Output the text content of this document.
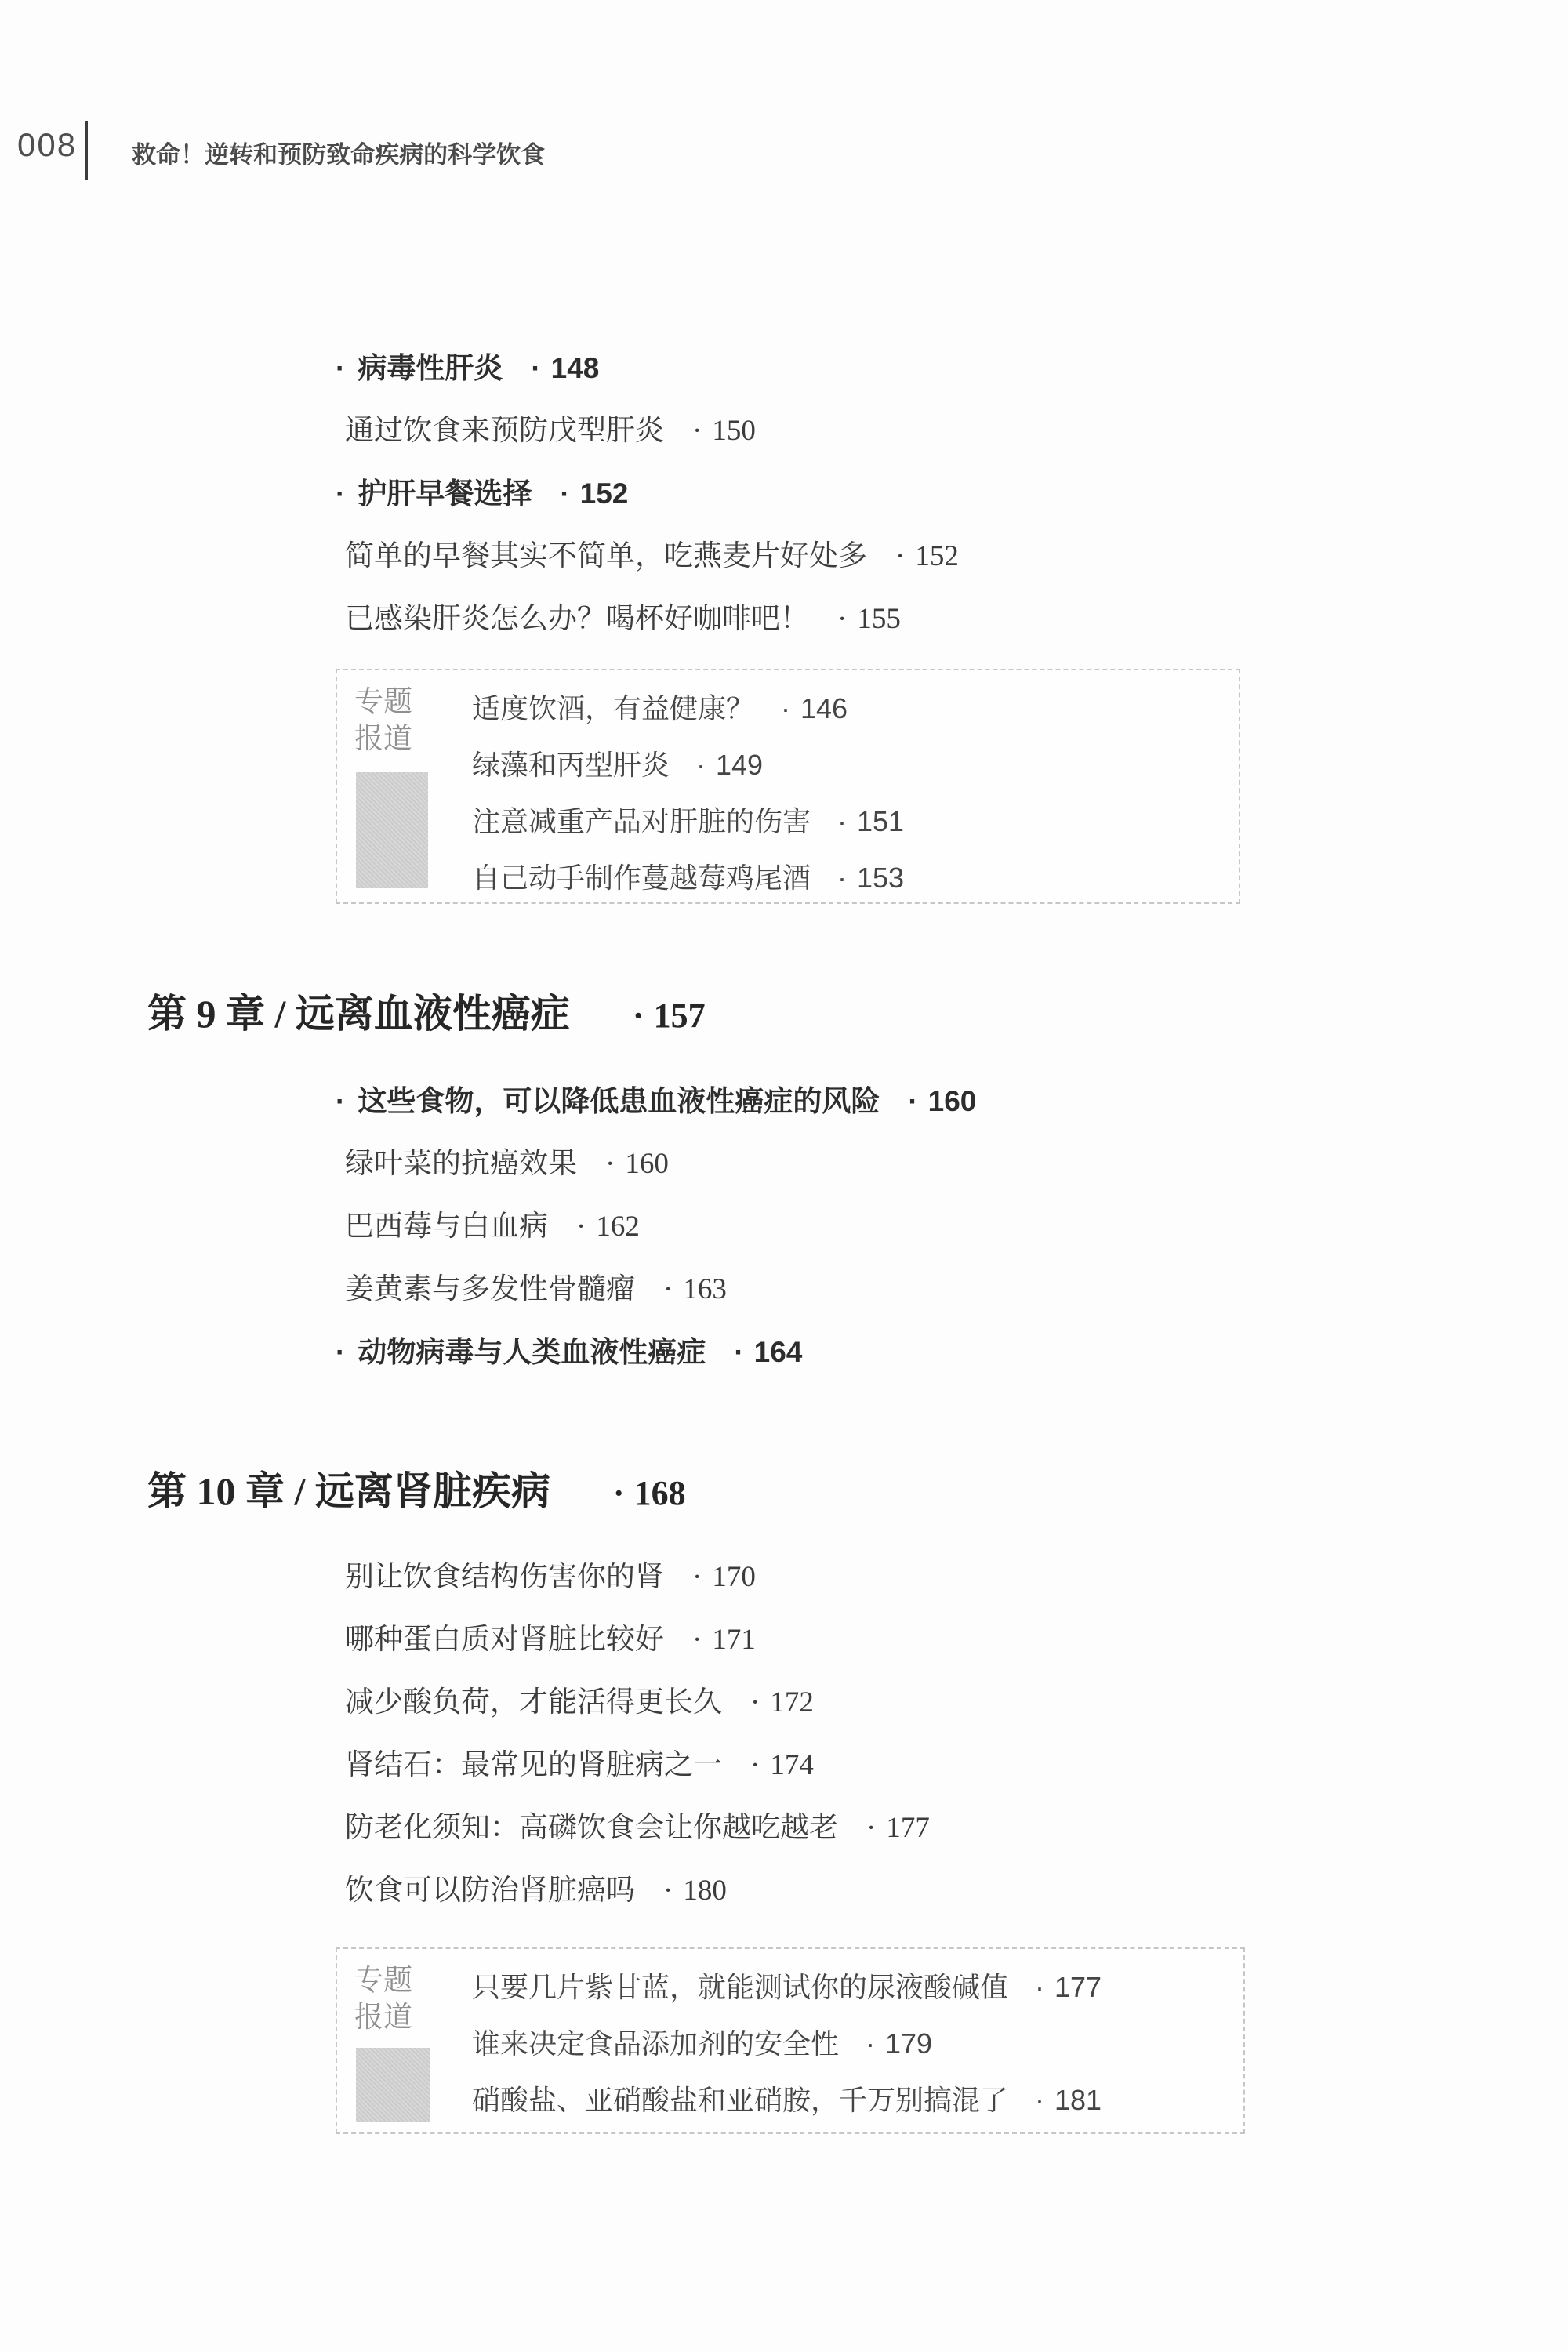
008 救命！逆转和预防致命疾病的科学饮食
· 病毒性肝炎 · 148
通过饮食来预防戊型肝炎 · 150
· 护肝早餐选择 · 152
简单的早餐其实不简单，吃燕麦片好处多 · 152
已感染肝炎怎么办？喝杯好咖啡吧！ · 155
专题
报道
适度饮酒，有益健康？ · 146
绿藻和丙型肝炎 · 149
注意减重产品对肝脏的伤害 · 151
自己动手制作蔓越莓鸡尾酒 · 153
第 9 章 / 远离血液性癌症 · 157
· 这些食物，可以降低患血液性癌症的风险 · 160
绿叶菜的抗癌效果 · 160
巴西莓与白血病 · 162
姜黄素与多发性骨髓瘤 · 163
· 动物病毒与人类血液性癌症 · 164
第 10 章 / 远离肾脏疾病 · 168
别让饮食结构伤害你的肾 · 170
哪种蛋白质对肾脏比较好 · 171
减少酸负荷，才能活得更长久 · 172
肾结石：最常见的肾脏病之一 · 174
防老化须知：高磷饮食会让你越吃越老 · 177
饮食可以防治肾脏癌吗 · 180
专题
报道
只要几片紫甘蓝，就能测试你的尿液酸碱值 · 177
谁来决定食品添加剂的安全性 · 179
硝酸盐、亚硝酸盐和亚硝胺，千万别搞混了 · 181
